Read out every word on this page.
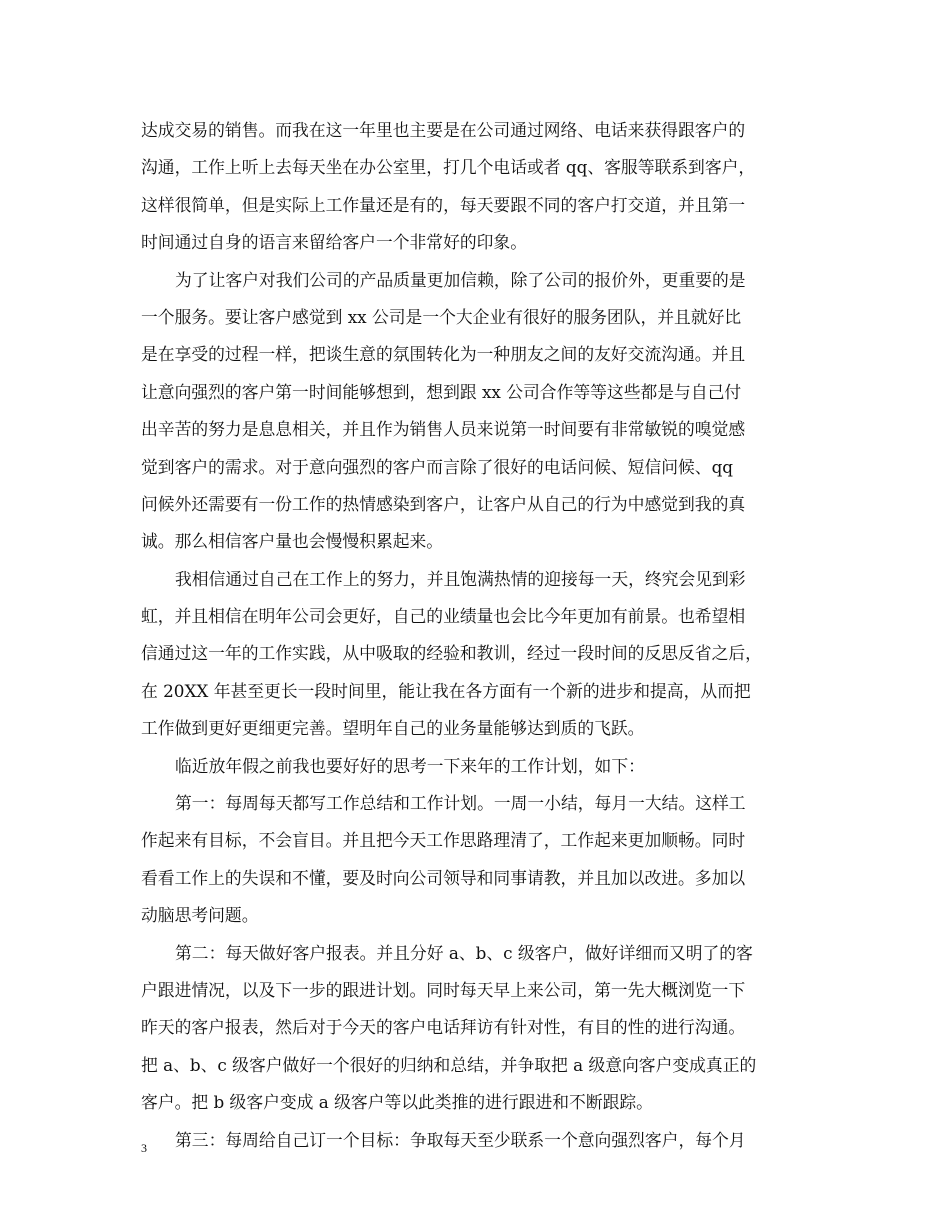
达成交易的销售。而我在这一年里也主要是在公司通过网络、电话来获得跟客户的
沟通，工作上听上去每天坐在办公室里，打几个电话或者 qq、客服等联系到客户，
这样很简单，但是实际上工作量还是有的，每天要跟不同的客户打交道，并且第一
时间通过自身的语言来留给客户一个非常好的印象。
为了让客户对我们公司的产品质量更加信赖，除了公司的报价外，更重要的是
一个服务。要让客户感觉到 xx 公司是一个大企业有很好的服务团队，并且就好比
是在享受的过程一样，把谈生意的氛围转化为一种朋友之间的友好交流沟通。并且
让意向强烈的客户第一时间能够想到，想到跟 xx 公司合作等等这些都是与自己付
出辛苦的努力是息息相关，并且作为销售人员来说第一时间要有非常敏锐的嗅觉感
觉到客户的需求。对于意向强烈的客户而言除了很好的电话问候、短信问候、qq
问候外还需要有一份工作的热情感染到客户，让客户从自己的行为中感觉到我的真
诚。那么相信客户量也会慢慢积累起来。
我相信通过自己在工作上的努力，并且饱满热情的迎接每一天，终究会见到彩
虹，并且相信在明年公司会更好，自己的业绩量也会比今年更加有前景。也希望相
信通过这一年的工作实践，从中吸取的经验和教训，经过一段时间的反思反省之后，
在 20XX 年甚至更长一段时间里，能让我在各方面有一个新的进步和提高，从而把
工作做到更好更细更完善。望明年自己的业务量能够达到质的飞跃。
临近放年假之前我也要好好的思考一下来年的工作计划，如下：
第一：每周每天都写工作总结和工作计划。一周一小结，每月一大结。这样工
作起来有目标，不会盲目。并且把今天工作思路理清了，工作起来更加顺畅。同时
看看工作上的失误和不懂，要及时向公司领导和同事请教，并且加以改进。多加以
动脑思考问题。
第二：每天做好客户报表。并且分好 a、b、c 级客户，做好详细而又明了的客
户跟进情况，以及下一步的跟进计划。同时每天早上来公司，第一先大概浏览一下
昨天的客户报表，然后对于今天的客户电话拜访有针对性，有目的性的进行沟通。
把 a、b、c 级客户做好一个很好的归纳和总结，并争取把 a 级意向客户变成真正的
客户。把 b 级客户变成 a 级客户等以此类推的进行跟进和不断跟踪。
第三：每周给自己订一个目标：争取每天至少联系一个意向强烈客户，每个月
3
